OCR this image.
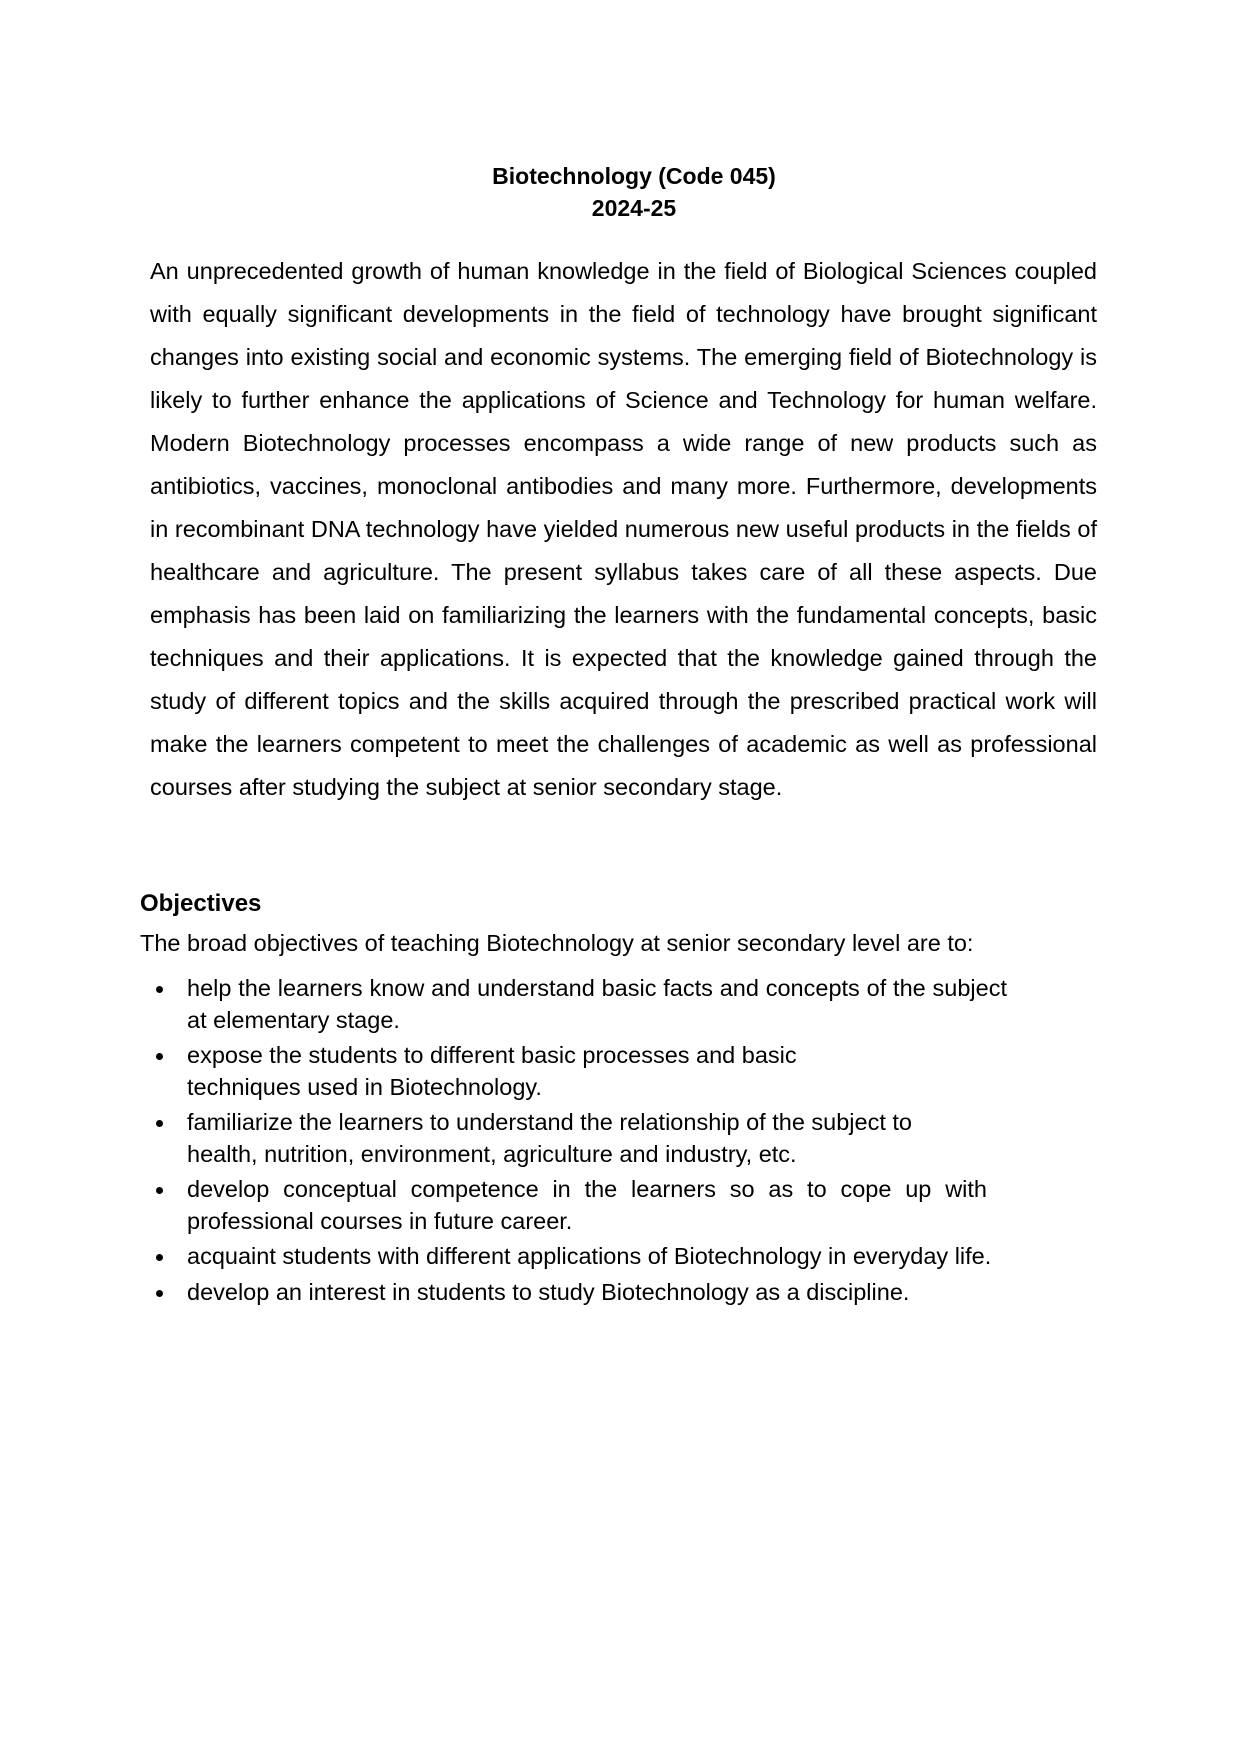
Biotechnology (Code 045)

2024-25

An unprecedented growth of human knowledge in the field of Biological Sciences coupled with equally significant developments in the field of technology have brought significant changes into existing social and economic systems. The emerging field of Biotechnology is likely to further enhance the applications of Science and Technology for human welfare. Modern Biotechnology processes encompass a wide range of new products such as antibiotics, vaccines, monoclonal antibodies and many more. Furthermore, developments in recombinant DNA technology have yielded numerous new useful products in the fields of healthcare and agriculture. The present syllabus takes care of all these aspects. Due emphasis has been laid on familiarizing the learners with the fundamental concepts, basic techniques and their applications. It is expected that the knowledge gained through the study of different topics and the skills acquired through the prescribed practical work will make the learners competent to meet the challenges of academic as well as professional courses after studying the subject at senior secondary stage.

Objectives

The broad objectives of teaching Biotechnology at senior secondary level are to:

help the learners know and understand basic facts and concepts of the subject at elementary stage.
expose the students to different basic processes and basic techniques used in Biotechnology.
familiarize the learners to understand the relationship of the subject to health, nutrition, environment, agriculture and industry, etc.
develop conceptual competence in the learners so as to cope up with professional courses in future career.
acquaint students with different applications of Biotechnology in everyday life.
develop an interest in students to study Biotechnology as a discipline.
